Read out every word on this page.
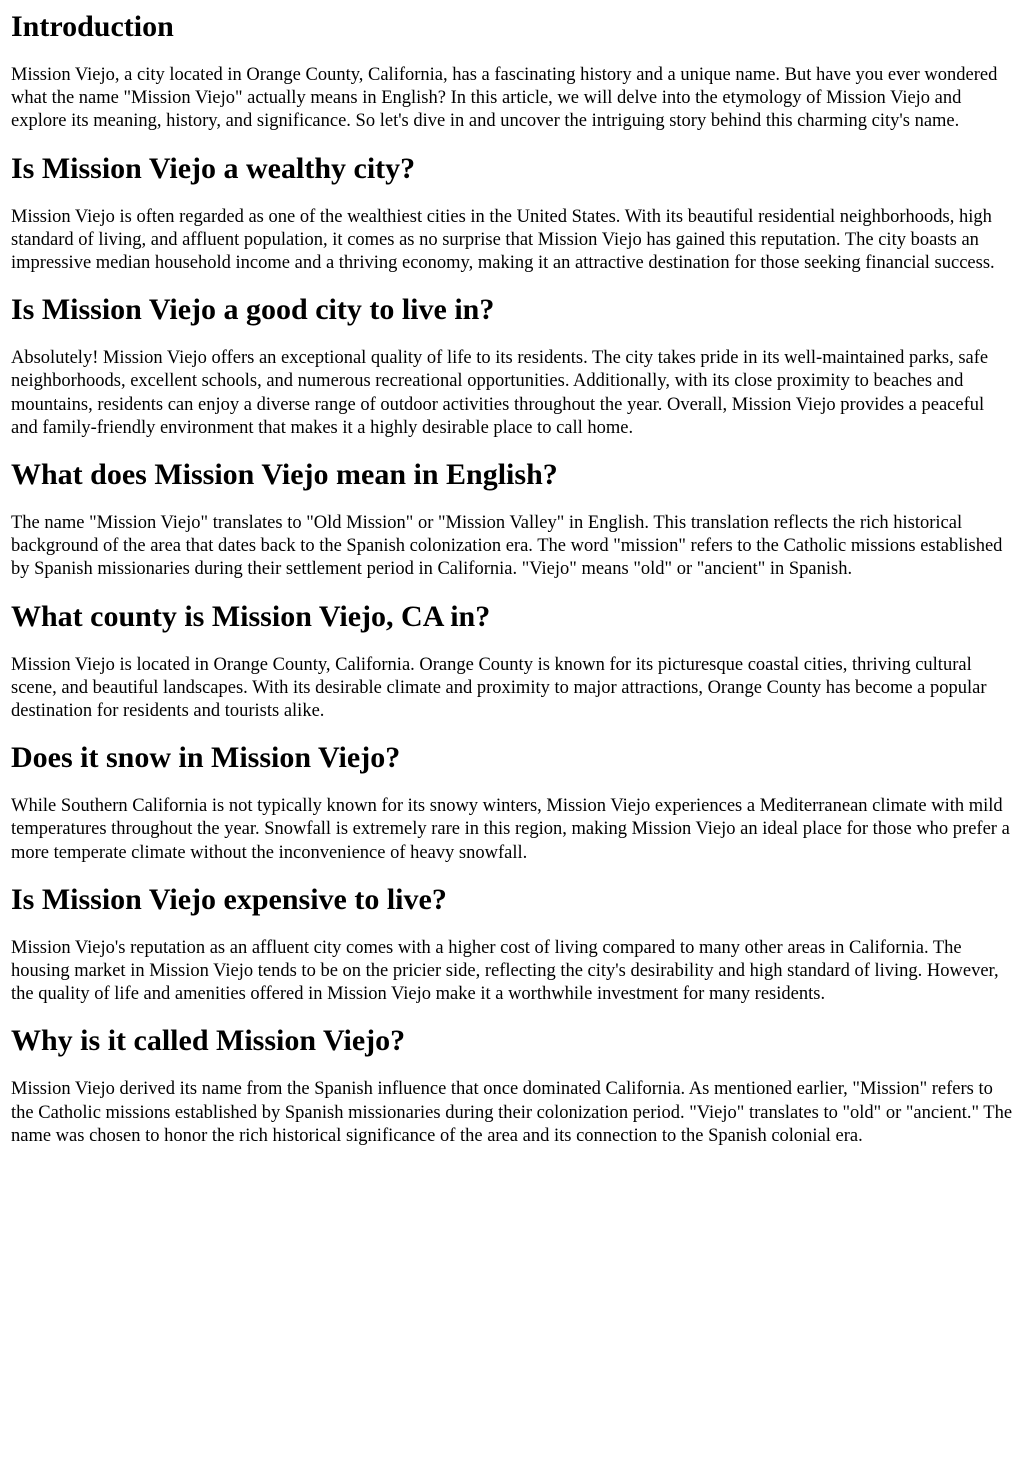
Introduction

Mission Viejo, a city located in Orange County, California, has a fascinating history and a unique name. But have you ever wondered what the name "Mission Viejo" actually means in English? In this article, we will delve into the etymology of Mission Viejo and explore its meaning, history, and significance. So let's dive in and uncover the intriguing story behind this charming city's name.

Is Mission Viejo a wealthy city?

Mission Viejo is often regarded as one of the wealthiest cities in the United States. With its beautiful residential neighborhoods, high standard of living, and affluent population, it comes as no surprise that Mission Viejo has gained this reputation. The city boasts an impressive median household income and a thriving economy, making it an attractive destination for those seeking financial success.

Is Mission Viejo a good city to live in?

Absolutely! Mission Viejo offers an exceptional quality of life to its residents. The city takes pride in its well-maintained parks, safe neighborhoods, excellent schools, and numerous recreational opportunities. Additionally, with its close proximity to beaches and mountains, residents can enjoy a diverse range of outdoor activities throughout the year. Overall, Mission Viejo provides a peaceful and family-friendly environment that makes it a highly desirable place to call home.

What does Mission Viejo mean in English?

The name "Mission Viejo" translates to "Old Mission" or "Mission Valley" in English. This translation reflects the rich historical background of the area that dates back to the Spanish colonization era. The word "mission" refers to the Catholic missions established by Spanish missionaries during their settlement period in California. "Viejo" means "old" or "ancient" in Spanish.

What county is Mission Viejo, CA in?

Mission Viejo is located in Orange County, California. Orange County is known for its picturesque coastal cities, thriving cultural scene, and beautiful landscapes. With its desirable climate and proximity to major attractions, Orange County has become a popular destination for residents and tourists alike.

Does it snow in Mission Viejo?

While Southern California is not typically known for its snowy winters, Mission Viejo experiences a Mediterranean climate with mild temperatures throughout the year. Snowfall is extremely rare in this region, making Mission Viejo an ideal place for those who prefer a more temperate climate without the inconvenience of heavy snowfall.

Is Mission Viejo expensive to live?

Mission Viejo's reputation as an affluent city comes with a higher cost of living compared to many other areas in California. The housing market in Mission Viejo tends to be on the pricier side, reflecting the city's desirability and high standard of living. However, the quality of life and amenities offered in Mission Viejo make it a worthwhile investment for many residents.

Why is it called Mission Viejo?

Mission Viejo derived its name from the Spanish influence that once dominated California. As mentioned earlier, "Mission" refers to the Catholic missions established by Spanish missionaries during their colonization period. "Viejo" translates to "old" or "ancient." The name was chosen to honor the rich historical significance of the area and its connection to the Spanish colonial era.
